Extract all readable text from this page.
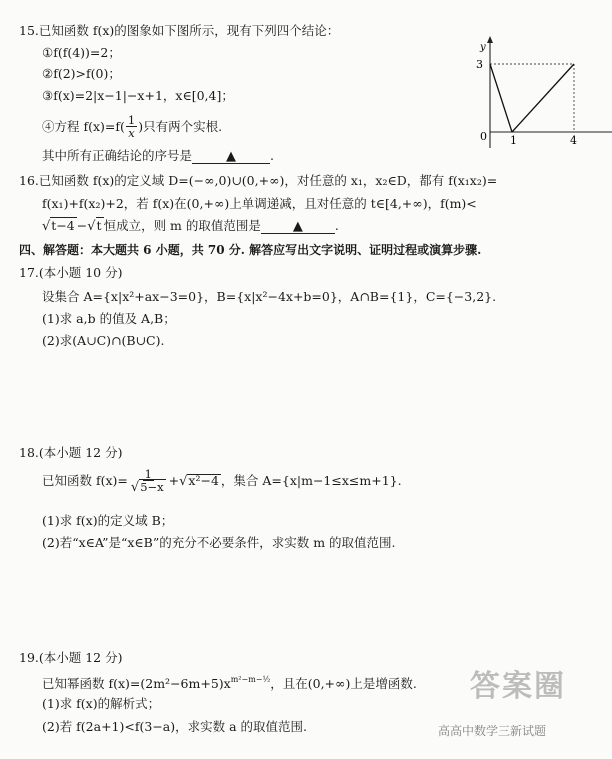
15.已知函数 f(x)的图象如下图所示，现有下列四个结论：
①f(f(4))=2；
②f(2)>f(0)；
③f(x)=2|x−1|−x+1，x∈[0,4]；
④方程 $f(x)=f( \frac{1}{x}$ )只有两个实根.
其中所有正确结论的序号是	▲	.
y
3
0 1	4
16.已知函数 f(x)的定义域 D=(−∞,0)∪(0,+∞)，对任意的 x₁，x₂∈D，都有 f(x₁x₂)=
f(x₁)+f(x₂)+2，若 f(x)在(0,+∞)上单调递减，且对任意的 t∈[4,+∞)，f(m)<
√t−4 −√t 恒成立，则 m 的取值范围是 ▲	.
四、解答题：本大题共 6 小题，共 70 分. 解答应写出文字说明、证明过程或演算步骤.
17.(本小题 10 分)
设集合 A={x|x²+ax−3=0}，B={x|x²−4x+b=0}，A∩B={1}，C={−3,2}.
(1)求 a,b 的值及 A,B；
(2)求(A∪C)∩(B∪C).
18.(本小题 12 分)
已知函数 $f(x)= \frac{1}{√5-x}$ + √ x²−4 ，集合 A={x|m−1≤x≤m+1}.
(1)求 f(x)的定义域 B；
(2)若“x∈A”是“x∈B”的充分不必要条件，求实数 m 的取值范围.
19.(本小题 12 分)
已知幂函数 $f(x)=(2m^2-6m+5)x^{m^2-m-\frac{1}{2}}$，且在(0,+∞)上是增函数.
(1)求 f(x)的解析式；
(2)若 f(2a+1)<f(3−a)，求实数 a 的取值范围.
答案圈
高高中数学三新试题
